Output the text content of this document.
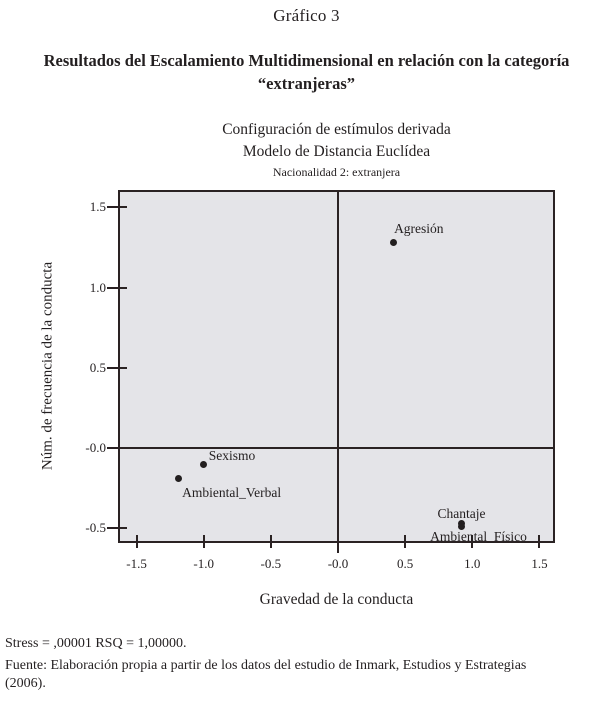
Gráfico 3
Resultados del Escalamiento Multidimensional en relación con la categoría
“extranjeras”
Configuración de estímulos derivada
Modelo de Distancia Euclídea
Nacionalidad 2: extranjera
Núm. de frecuencia de la conducta
-1.5	-1.0	-0.5	-0.0	0.5	1.0	1.5
1.5
1.0
0.5
-0.0
-0.5
Agresión
Sexismo
Ambiental_Verbal
Chantaje
Ambiental_Físico
Gravedad de la conducta
Stress = ,00001 RSQ = 1,00000.
Fuente: Elaboración propia a partir de los datos del estudio de Inmark, Estudios y Estrategias
(2006).
